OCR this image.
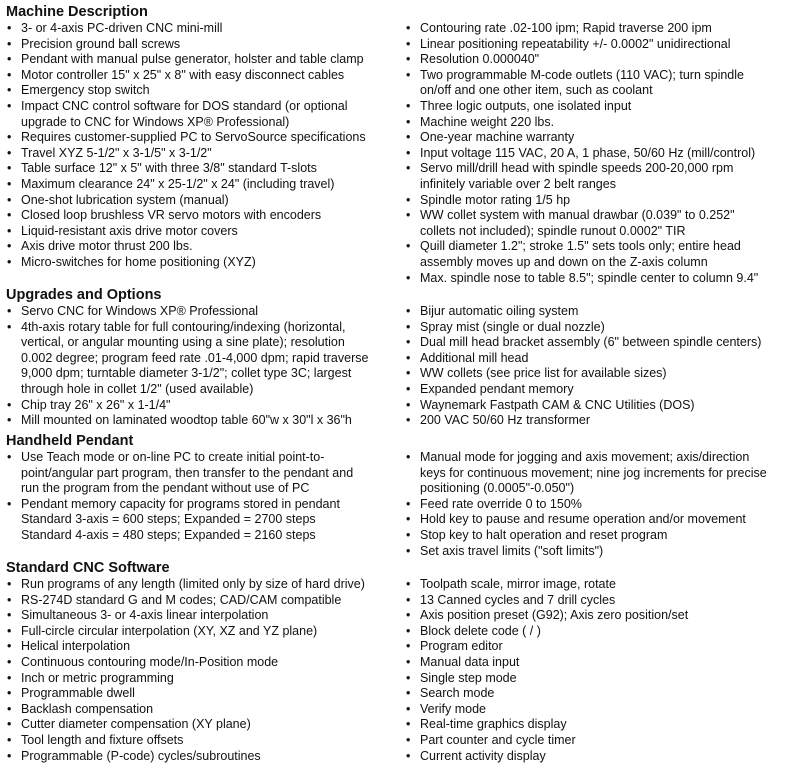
Machine Description
• 3- or 4-axis PC-driven CNC mini-mill
• Precision ground ball screws
• Pendant with manual pulse generator, holster and table clamp
• Motor controller 15" x 25" x 8" with easy disconnect cables
• Emergency stop switch
• Impact CNC control software for DOS standard (or optional
upgrade to CNC for Windows XP® Professional)
• Requires customer-supplied PC to ServoSource specifications
• Travel XYZ 5-1/2" x 3-1/5" x 3-1/2"
• Table surface 12" x 5" with three 3/8" standard T-slots
• Maximum clearance 24" x 25-1/2" x 24" (including travel)
• One-shot lubrication system (manual)
• Closed loop brushless VR servo motors with encoders
• Liquid-resistant axis drive motor covers
• Axis drive motor thrust 200 lbs.
• Micro-switches for home positioning (XYZ)
• Contouring rate .02-100 ipm; Rapid traverse 200 ipm
• Linear positioning repeatability +/- 0.0002" unidirectional
• Resolution 0.000040"
• Two programmable M-code outlets (110 VAC); turn spindle
on/off and one other item, such as coolant
• Three logic outputs, one isolated input
• Machine weight 220 lbs.
• One-year machine warranty
• Input voltage 115 VAC, 20 A, 1 phase, 50/60 Hz (mill/control)
• Servo mill/drill head with spindle speeds 200-20,000 rpm
infinitely variable over 2 belt ranges
• Spindle motor rating 1/5 hp
• WW collet system with manual drawbar (0.039" to 0.252"
collets not included); spindle runout 0.0002" TIR
• Quill diameter 1.2"; stroke 1.5" sets tools only; entire head
assembly moves up and down on the Z-axis column
• Max. spindle nose to table 8.5"; spindle center to column 9.4"
Upgrades and Options
• Servo CNC for Windows XP® Professional
• 4th-axis rotary table for full contouring/indexing (horizontal,
vertical, or angular mounting using a sine plate); resolution
0.002 degree; program feed rate .01-4,000 dpm; rapid traverse
9,000 dpm; turntable diameter 3-1/2"; collet type 3C; largest
through hole in collet 1/2" (used available)
• Chip tray 26" x 26" x 1-1/4"
• Mill mounted on laminated woodtop table 60"w x 30"l x 36"h
• Bijur automatic oiling system
• Spray mist (single or dual nozzle)
• Dual mill head bracket assembly (6" between spindle centers)
• Additional mill head
• WW collets (see price list for available sizes)
• Expanded pendant memory
• Waynemark Fastpath CAM & CNC Utilities (DOS)
• 200 VAC 50/60 Hz transformer
Handheld Pendant
• Use Teach mode or on-line PC to create initial point-to-
point/angular part program, then transfer to the pendant and
run the program from the pendant without use of PC
• Pendant memory capacity for programs stored in pendant
Standard 3-axis = 600 steps; Expanded = 2700 steps
Standard 4-axis = 480 steps; Expanded = 2160 steps
• Manual mode for jogging and axis movement; axis/direction
keys for continuous movement; nine jog increments for precise
positioning (0.0005"-0.050")
• Feed rate override 0 to 150%
• Hold key to pause and resume operation and/or movement
• Stop key to halt operation and reset program
• Set axis travel limits ("soft limits")
Standard CNC Software
• Run programs of any length (limited only by size of hard drive)
• RS-274D standard G and M codes; CAD/CAM compatible
• Simultaneous 3- or 4-axis linear interpolation
• Full-circle circular interpolation (XY, XZ and YZ plane)
• Helical interpolation
• Continuous contouring mode/In-Position mode
• Inch or metric programming
• Programmable dwell
• Backlash compensation
• Cutter diameter compensation (XY plane)
• Tool length and fixture offsets
• Programmable (P-code) cycles/subroutines
• Toolpath scale, mirror image, rotate
• 13 Canned cycles and 7 drill cycles
• Axis position preset (G92); Axis zero position/set
• Block delete code ( / )
• Program editor
• Manual data input
• Single step mode
• Search mode
• Verify mode
• Real-time graphics display
• Part counter and cycle timer
• Current activity display
